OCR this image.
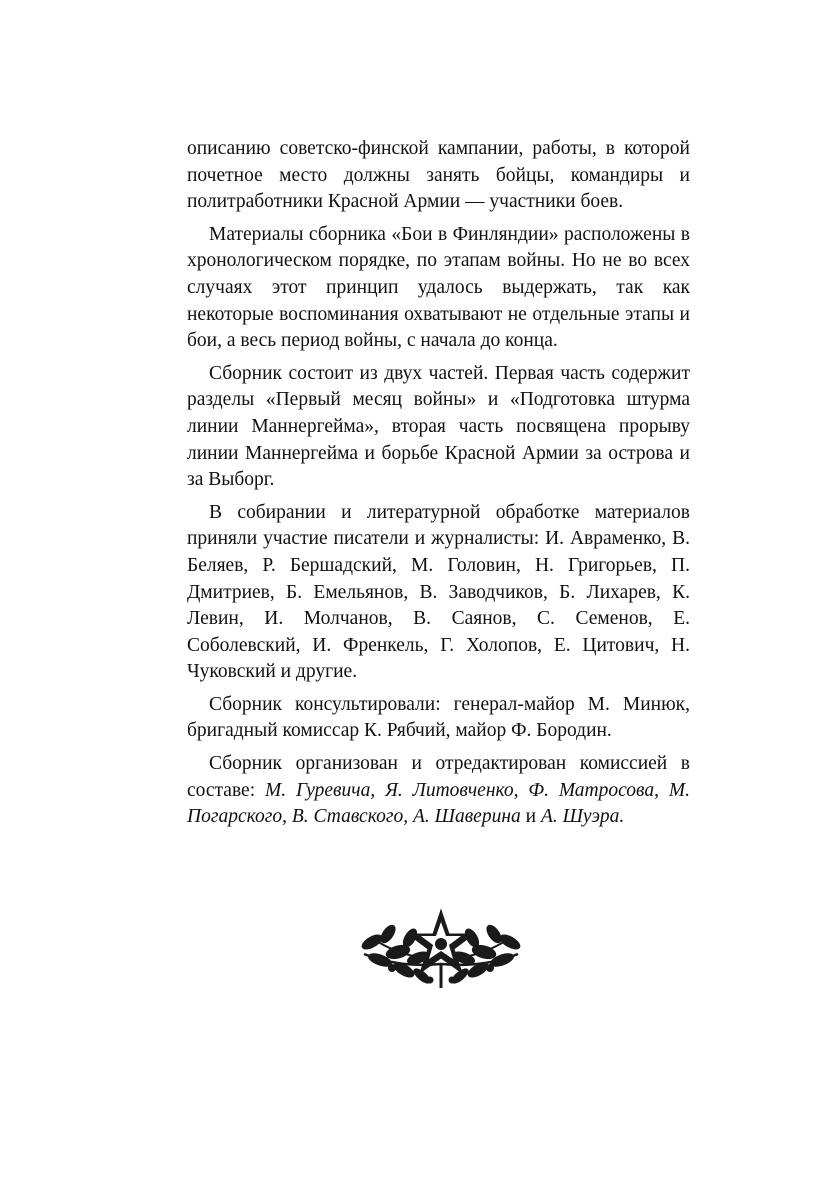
описанию советско-финской кампании, работы, в которой почетное место должны занять бойцы, командиры и политработники Красной Армии — участники боев.

Материалы сборника «Бои в Финляндии» расположены в хронологическом порядке, по этапам войны. Но не во всех случаях этот принцип удалось выдержать, так как некоторые воспоминания охватывают не отдельные этапы и бои, а весь период войны, с начала до конца.

Сборник состоит из двух частей. Первая часть содержит разделы «Первый месяц войны» и «Подготовка штурма линии Маннергейма», вторая часть посвящена прорыву линии Маннергейма и борьбе Красной Армии за острова и за Выборг.

В собирании и литературной обработке материалов приняли участие писатели и журналисты: И. Авраменко, В. Беляев, Р. Бершадский, М. Головин, Н. Григорьев, П. Дмитриев, Б. Емельянов, В. Заводчиков, Б. Лихарев, К. Левин, И. Молчанов, В. Саянов, С. Семенов, Е. Соболевский, И. Френкель, Г. Холопов, Е. Цитович, Н. Чуковский и другие.

Сборник консультировали: генерал-майор М. Минюк, бригадный комиссар К. Рябчий, майор Ф. Бородин.

Сборник организован и отредактирован комиссией в составе: М. Гуревича, Я. Литовченко, Ф. Матросова, М. Погарского, В. Ставского, А. Шаверина и А. Шуэра.
